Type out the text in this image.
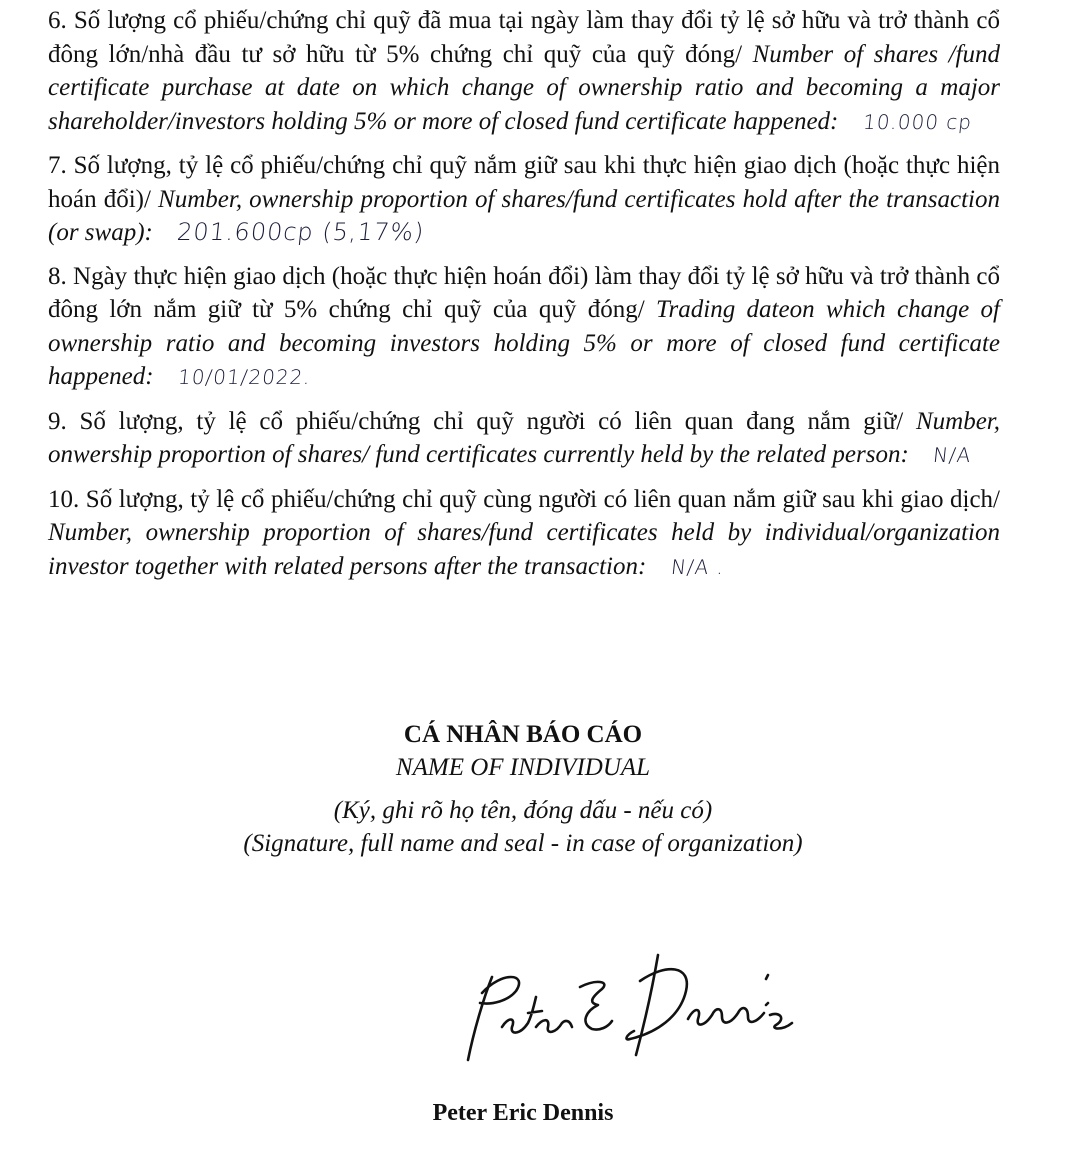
6. Số lượng cổ phiếu/chứng chỉ quỹ đã mua tại ngày làm thay đổi tỷ lệ sở hữu và trở thành cổ đông lớn/nhà đầu tư sở hữu từ 5% chứng chỉ quỹ của quỹ đóng/ Number of shares /fund certificate purchase at date on which change of ownership ratio and becoming a major shareholder/investors holding 5% or more of closed fund certificate happened: 10.000 cp

7. Số lượng, tỷ lệ cổ phiếu/chứng chỉ quỹ nắm giữ sau khi thực hiện giao dịch (hoặc thực hiện hoán đổi)/ Number, ownership proportion of shares/fund certificates hold after the transaction (or swap): 201.600cp (5,17%)

8. Ngày thực hiện giao dịch (hoặc thực hiện hoán đổi) làm thay đổi tỷ lệ sở hữu và trở thành cổ đông lớn nắm giữ từ 5% chứng chỉ quỹ của quỹ đóng/ Trading dateon which change of ownership ratio and becoming investors holding 5% or more of closed fund certificate happened: 10/01/2022.

9. Số lượng, tỷ lệ cổ phiếu/chứng chỉ quỹ người có liên quan đang nắm giữ/ Number, onwership proportion of shares/ fund certificates currently held by the related person: N/A

10. Số lượng, tỷ lệ cổ phiếu/chứng chỉ quỹ cùng người có liên quan nắm giữ sau khi giao dịch/ Number, ownership proportion of shares/fund certificates held by individual/organization investor together with related persons after the transaction: N/A .

CÁ NHÂN BÁO CÁO
NAME OF INDIVIDUAL
(Ký, ghi rõ họ tên, đóng dấu - nếu có)
(Signature, full name and seal - in case of organization)
Peter Eric Dennis
